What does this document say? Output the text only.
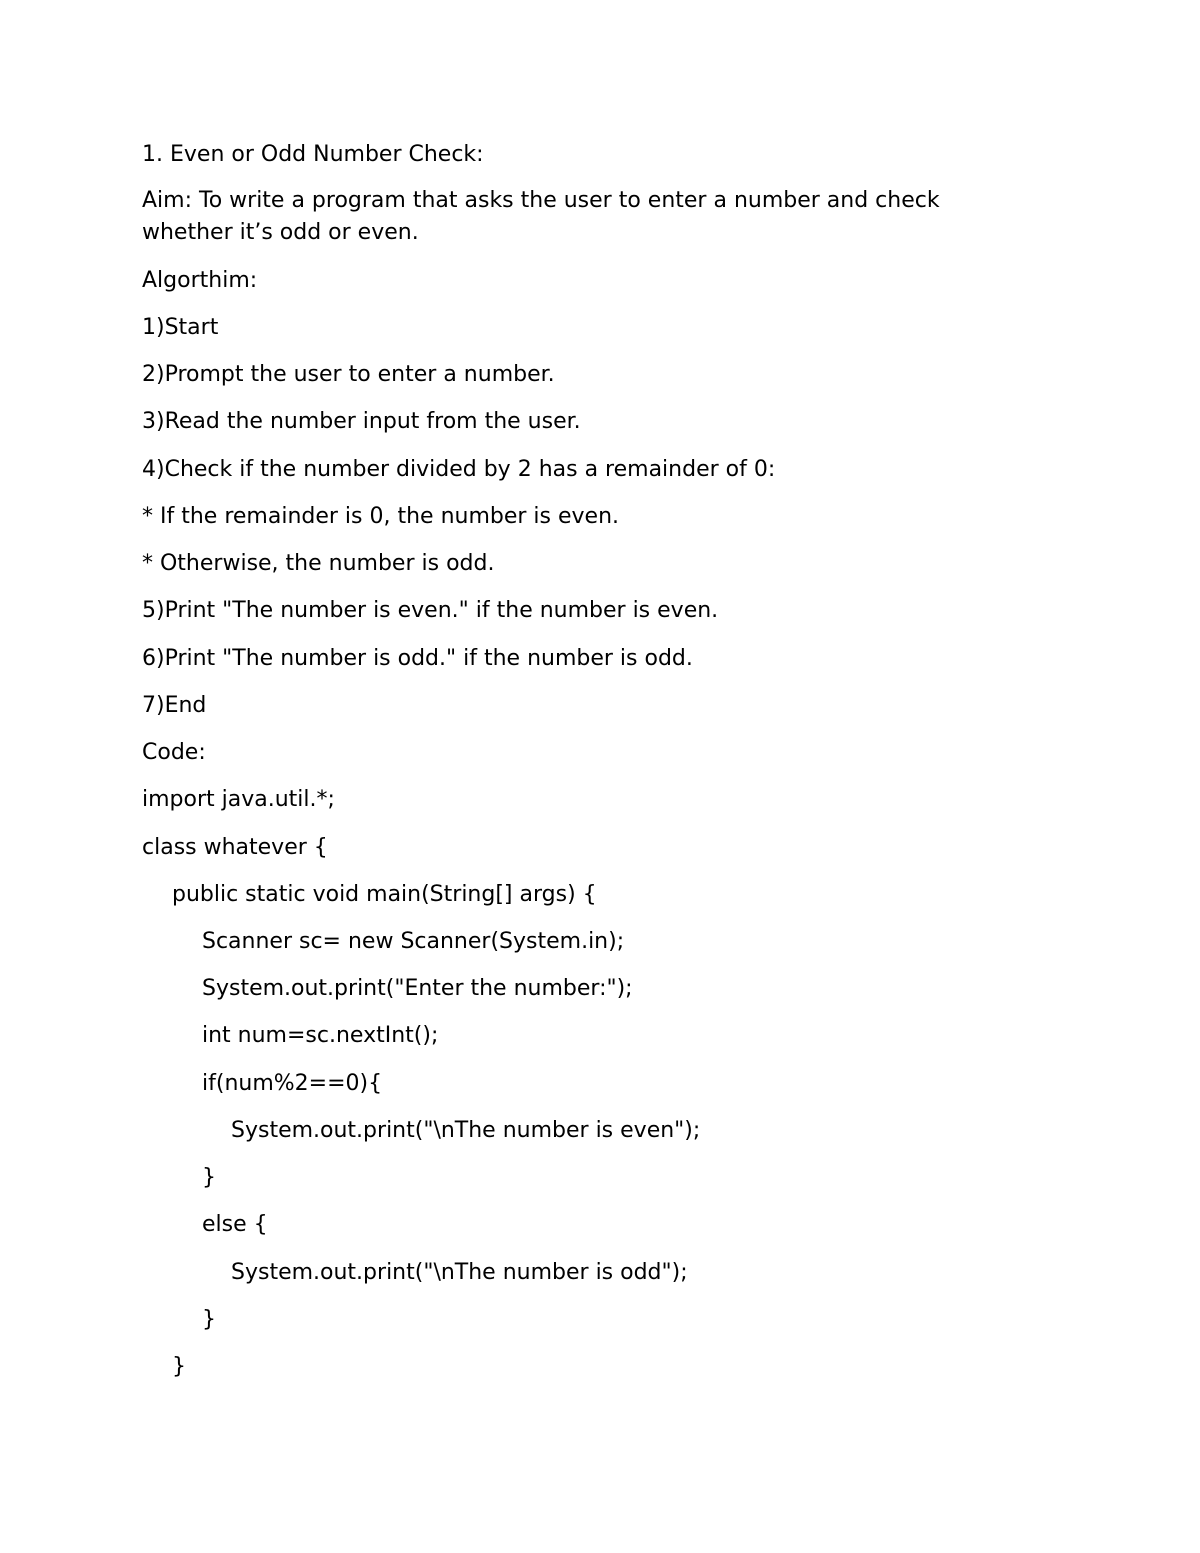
1. Even or Odd Number Check:

Aim: To write a program that asks the user to enter a number and check whether it’s odd or even.

Algorthim:

1)Start

2)Prompt the user to enter a number.

3)Read the number input from the user.

4)Check if the number divided by 2 has a remainder of 0:

* If the remainder is 0, the number is even.

* Otherwise, the number is odd.

5)Print "The number is even." if the number is even.

6)Print "The number is odd." if the number is odd.

7)End

Code:

import java.util.*;

class whatever {

public static void main(String[] args) {

Scanner sc= new Scanner(System.in);

System.out.print("Enter the number:");

int num=sc.nextInt();

if(num%2==0){

System.out.print("\nThe number is even");

}

else {

System.out.print("\nThe number is odd");

}

}
